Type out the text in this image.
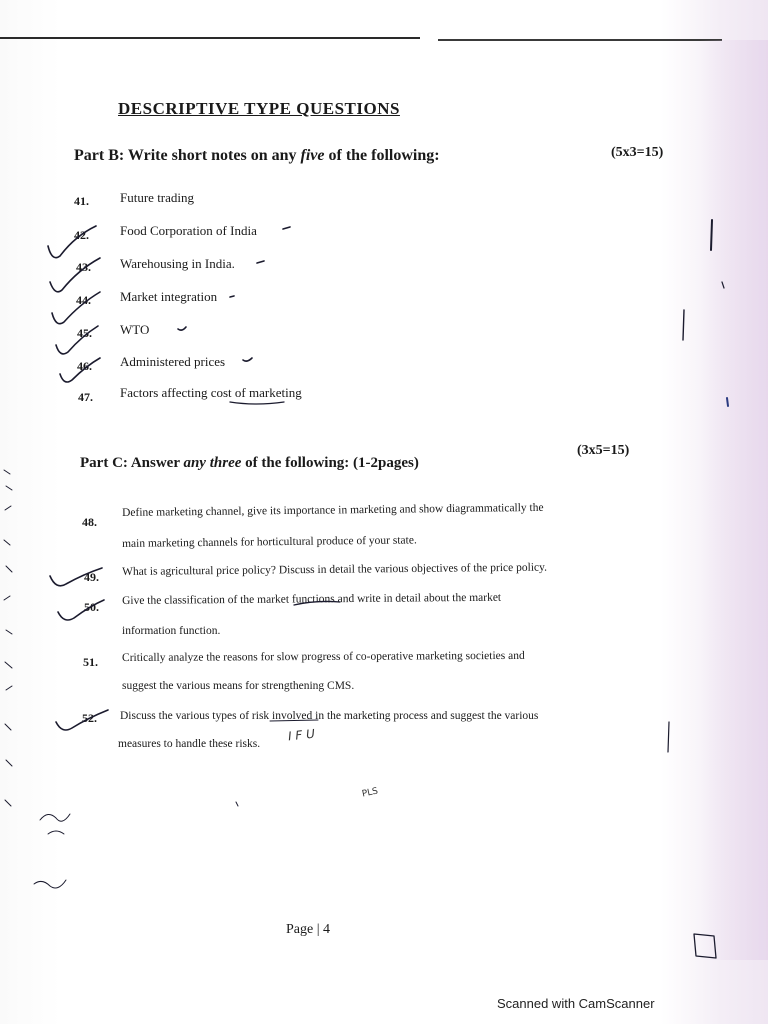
DESCRIPTIVE TYPE QUESTIONS
Part B: Write short notes on any five of the following:	(5x3=15)
41. Future trading
42. Food Corporation of India
43. Warehousing in India.
44. Market integration
45. WTO
46. Administered prices
47. Factors affecting cost of marketing
Part C: Answer any three of the following: (1-2pages)
(3x5=15)
48.
Define marketing channel, give its importance in marketing and show diagrammatically the
main marketing channels for horticultural produce of your state.
49. What is agricultural price policy? Discuss in detail the various objectives of the price policy.
50.
Give the classification of the market functions and write in detail about the market
information function.
51. Critically analyze the reasons for slow progress of co-operative marketing societies and
suggest the various means for strengthening CMS.
52. Discuss the various types of risk involved in the marketing process and suggest the various
measures to handle these risks.
I F U
PLS
Page | 4
Scanned with CamScanner
